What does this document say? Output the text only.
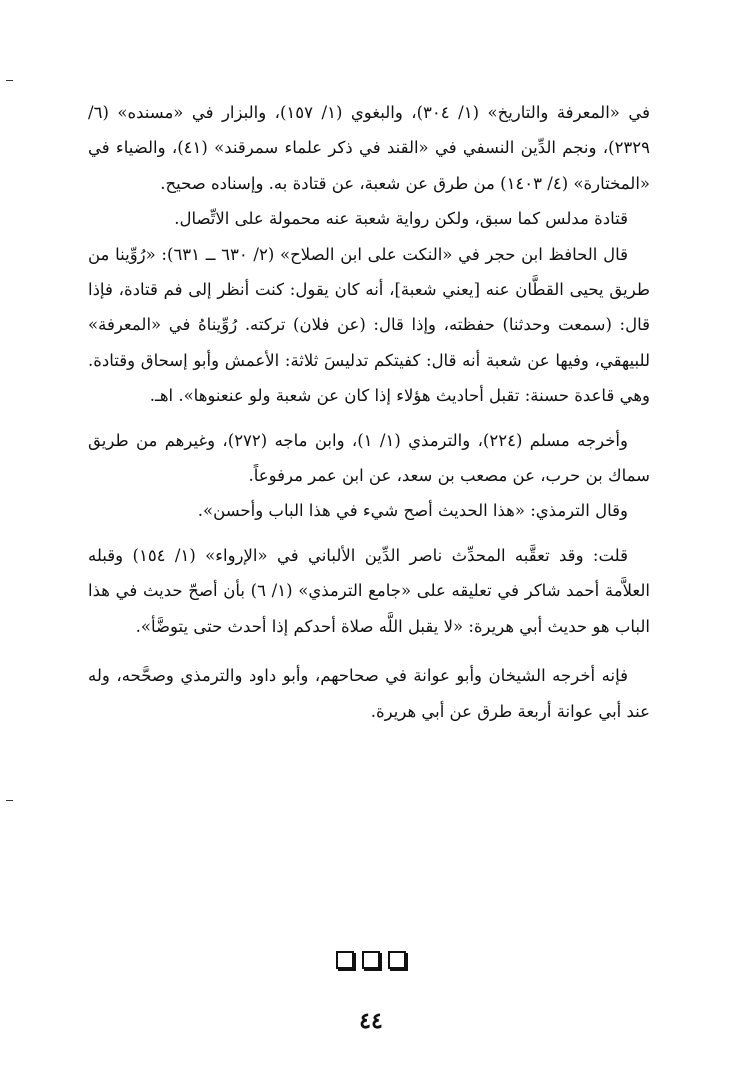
في «المعرفة والتاريخ» (١/ ٣٠٤)، والبغوي (١/ ١٥٧)، والبزار في «مسنده» (٦/ ٢٣٢٩)، ونجم الدِّين النسفي في «القند في ذكر علماء سمرقند» (٤١)، والضياء في «المختارة» (٤/ ١٤٠٣) من طرق عن شعبة، عن قتادة به. وإسناده صحيح.

قتادة مدلس كما سبق، ولكن رواية شعبة عنه محمولة على الاتِّصال.

قال الحافظ ابن حجر في «النكت على ابن الصلاح» (٢/ ٦٣٠ ــ ٦٣١): «رُوِّينا من طريق يحيى القطَّان عنه [يعني شعبة]، أنه كان يقول: كنت أنظر إلى فم قتادة، فإذا قال: (سمعت وحدثنا) حفظته، وإذا قال: (عن فلان) تركته. رُوِّيناهُ في «المعرفة» للبيهقي، وفيها عن شعبة أنه قال: كفيتكم تدليسَ ثلاثة: الأعمش وأبو إسحاق وقتادة. وهي قاعدة حسنة: تقبل أحاديث هؤلاء إذا كان عن شعبة ولو عنعنوها». اهـ.

وأخرجه مسلم (٢٢٤)، والترمذي (١/ ١)، وابن ماجه (٢٧٢)، وغيرهم من طريق سماك بن حرب، عن مصعب بن سعد، عن ابن عمر مرفوعاً.

وقال الترمذي: «هذا الحديث أصح شيء في هذا الباب وأحسن».

قلت: وقد تعقَّبه المحدِّث ناصر الدِّين الألباني في «الإرواء» (١/ ١٥٤) وقبله العلاَّمة أحمد شاكر في تعليقه على «جامع الترمذي» (١/ ٦) بأن أصحّ حديث في هذا الباب هو حديث أبي هريرة: «لا يقبل اللَّه صلاة أحدكم إذا أحدث حتى يتوضَّأ».

فإنه أخرجه الشيخان وأبو عوانة في صحاحهم، وأبو داود والترمذي وصحَّحه، وله عند أبي عوانة أربعة طرق عن أبي هريرة.

٤٤
